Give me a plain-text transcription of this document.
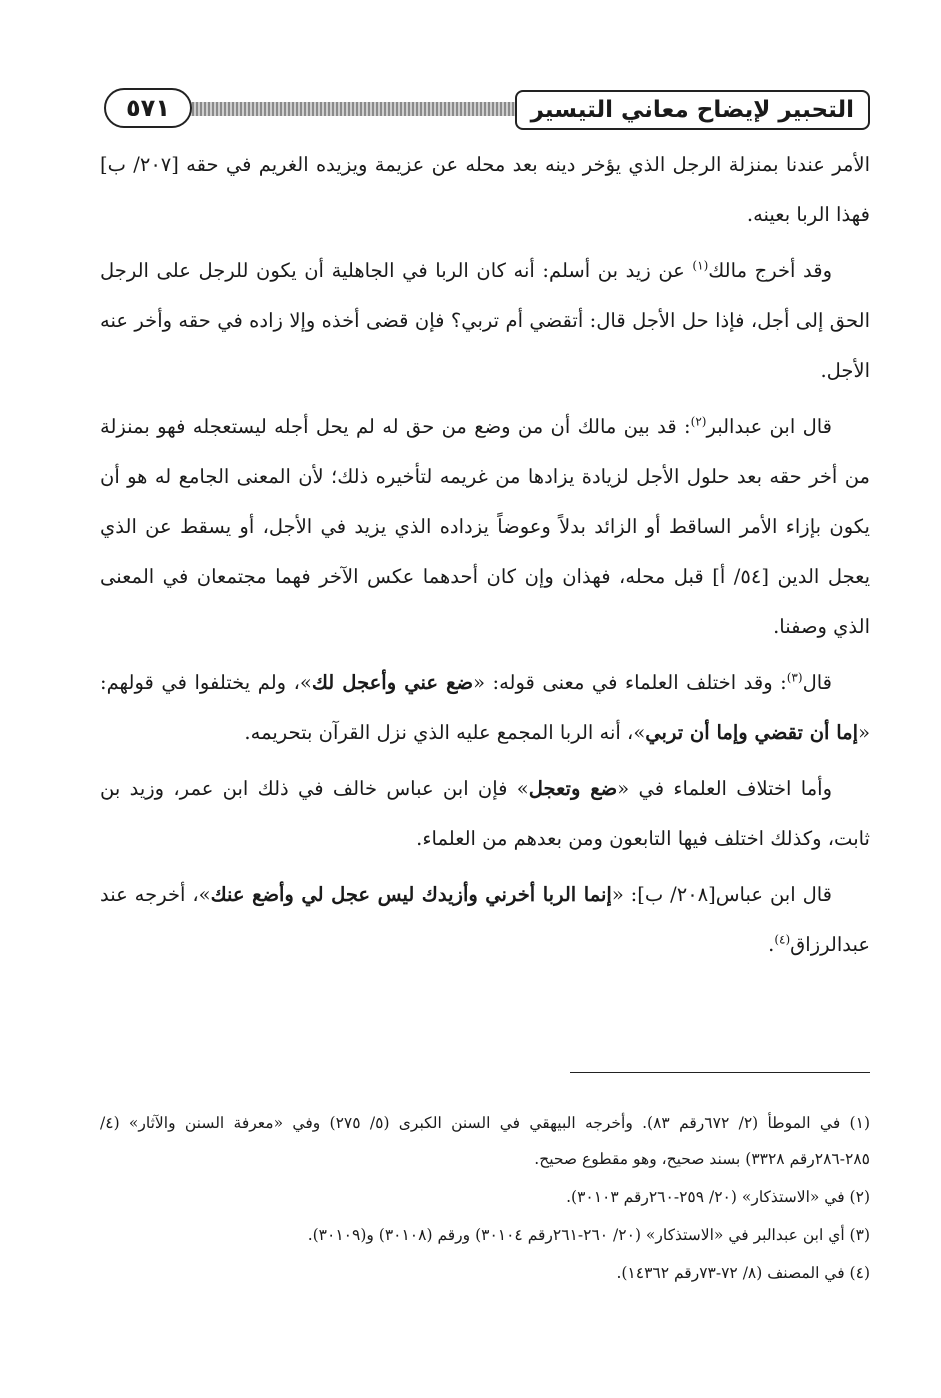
التحبير لإيضاح معاني التيسير
٥٧١

الأمر عندنا بمنزلة الرجل الذي يؤخر دينه بعد محله عن عزيمة ويزيده الغريم في حقه [٢٠٧/ ب] فهذا الربا بعينه.

وقد أخرج مالك$^{(١)}$ عن زيد بن أسلم: أنه كان الربا في الجاهلية أن يكون للرجل على الرجل الحق إلى أجل، فإذا حل الأجل قال: أتقضي أم تربي؟ فإن قضى أخذه وإلا زاده في حقه وأخر عنه الأجل.

قال ابن عبدالبر$^{(٢)}$: قد بين مالك أن من وضع من حق له لم يحل أجله ليستعجله فهو بمنزلة من أخر حقه بعد حلول الأجل لزيادة يزادها من غريمه لتأخيره ذلك؛ لأن المعنى الجامع له هو أن يكون بإزاء الأمر الساقط أو الزائد بدلاً وعوضاً يزداده الذي يزيد في الأجل، أو يسقط عن الذي يعجل الدين [٥٤/ أ] قبل محله، فهذان وإن كان أحدهما عكس الآخر فهما مجتمعان في المعنى الذي وصفنا.

قال$^{(٣)}$: وقد اختلف العلماء في معنى قوله: «ضع عني وأعجل لك»، ولم يختلفوا في قولهم: «إما أن تقضي وإما أن تربي»، أنه الربا المجمع عليه الذي نزل القرآن بتحريمه.

وأما اختلاف العلماء في «ضع وتعجل» فإن ابن عباس خالف في ذلك ابن عمر، وزيد بن ثابت، وكذلك اختلف فيها التابعون ومن بعدهم من العلماء.

قال ابن عباس[٢٠٨/ ب]: «إنما الربا أخرني وأزيدك ليس عجل لي وأضع عنك»، أخرجه عند عبدالرزاق$^{(٤)}$.

(١) في الموطأ (٢/ ٦٧٢رقم ٨٣). وأخرجه البيهقي في السنن الكبرى (٥/ ٢٧٥) وفي «معرفة السنن والآثار» (٤/ ٢٨٥-٢٨٦رقم ٣٣٢٨) بسند صحيح، وهو مقطوع صحيح.

(٢) في «الاستذكار» (٢٠/ ٢٥٩-٢٦٠رقم ٣٠١٠٣).

(٣) أي ابن عبدالبر في «الاستذكار» (٢٠/ ٢٦٠-٢٦١رقم ٣٠١٠٤) ورقم (٣٠١٠٨) و(٣٠١٠٩).

(٤) في المصنف (٨/ ٧٢-٧٣رقم ١٤٣٦٢).
